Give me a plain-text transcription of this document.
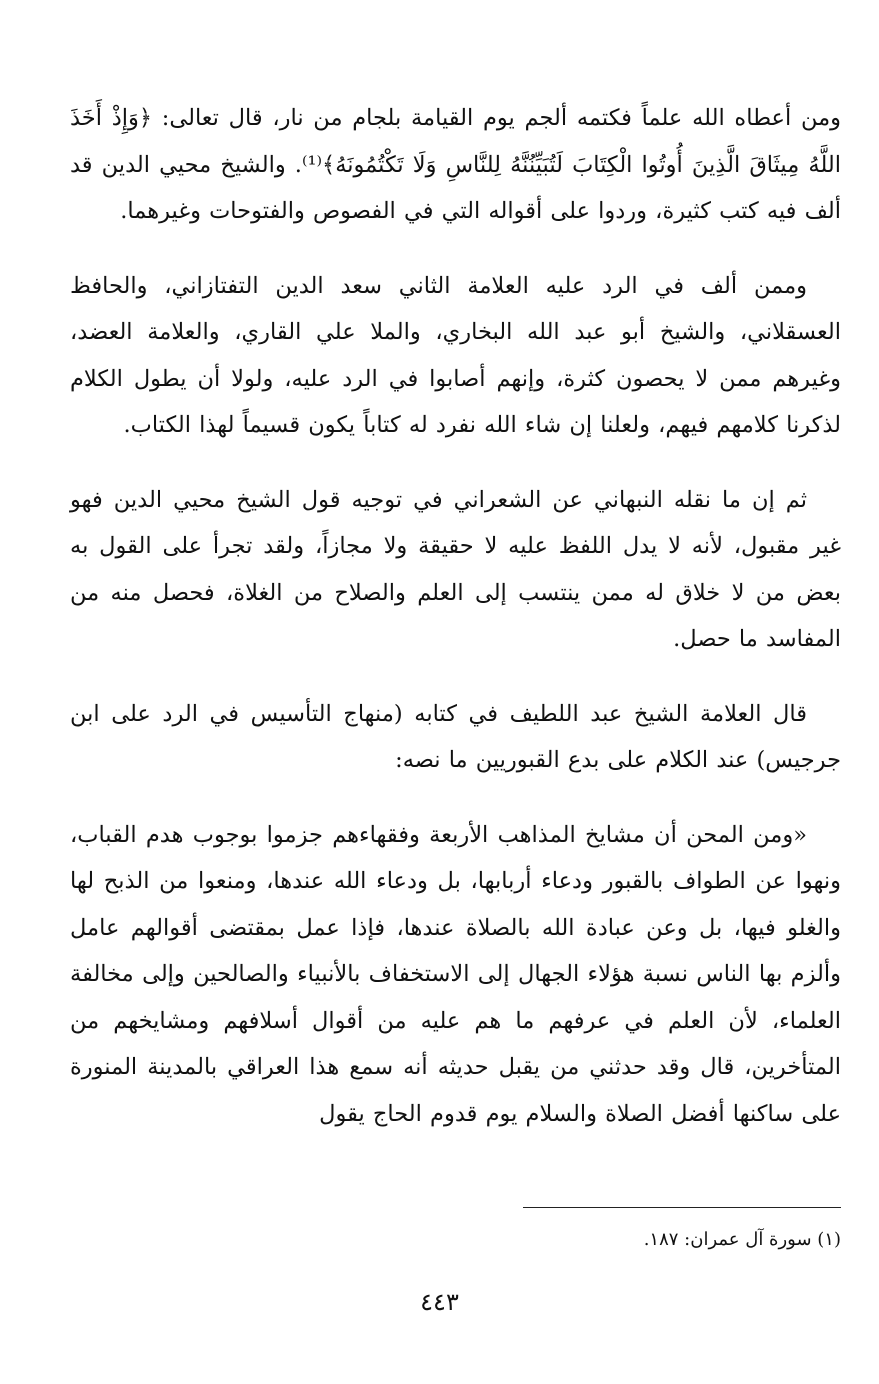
ومن أعطاه الله علماً فكتمه ألجم يوم القيامة بلجام من نار، قال تعالى: ﴿وَإِذْ أَخَذَ اللَّهُ مِيثَاقَ الَّذِينَ أُوتُوا الْكِتَابَ لَتُبَيِّنُنَّهُ لِلنَّاسِ وَلَا تَكْتُمُونَهُ﴾⁽¹⁾. والشيخ محيي الدين قد ألف فيه كتب كثيرة، وردوا على أقواله التي في الفصوص والفتوحات وغيرهما.

وممن ألف في الرد عليه العلامة الثاني سعد الدين التفتازاني، والحافظ العسقلاني، والشيخ أبو عبد الله البخاري، والملا علي القاري، والعلامة العضد، وغيرهم ممن لا يحصون كثرة، وإنهم أصابوا في الرد عليه، ولولا أن يطول الكلام لذكرنا كلامهم فيهم، ولعلنا إن شاء الله نفرد له كتاباً يكون قسيماً لهذا الكتاب.

ثم إن ما نقله النبهاني عن الشعراني في توجيه قول الشيخ محيي الدين فهو غير مقبول، لأنه لا يدل اللفظ عليه لا حقيقة ولا مجازاً، ولقد تجرأ على القول به بعض من لا خلاق له ممن ينتسب إلى العلم والصلاح من الغلاة، فحصل منه من المفاسد ما حصل.

قال العلامة الشيخ عبد اللطيف في كتابه (منهاج التأسيس في الرد على ابن جرجيس) عند الكلام على بدع القبوريين ما نصه:

«ومن المحن أن مشايخ المذاهب الأربعة وفقهاءهم جزموا بوجوب هدم القباب، ونهوا عن الطواف بالقبور ودعاء أربابها، بل ودعاء الله عندها، ومنعوا من الذبح لها والغلو فيها، بل وعن عبادة الله بالصلاة عندها، فإذا عمل بمقتضى أقوالهم عامل وألزم بها الناس نسبة هؤلاء الجهال إلى الاستخفاف بالأنبياء والصالحين وإلى مخالفة العلماء، لأن العلم في عرفهم ما هم عليه من أقوال أسلافهم ومشايخهم من المتأخرين، قال وقد حدثني من يقبل حديثه أنه سمع هذا العراقي بالمدينة المنورة على ساكنها أفضل الصلاة والسلام يوم قدوم الحاج يقول

(١) سورة آل عمران: ١٨٧.
٤٤٣
